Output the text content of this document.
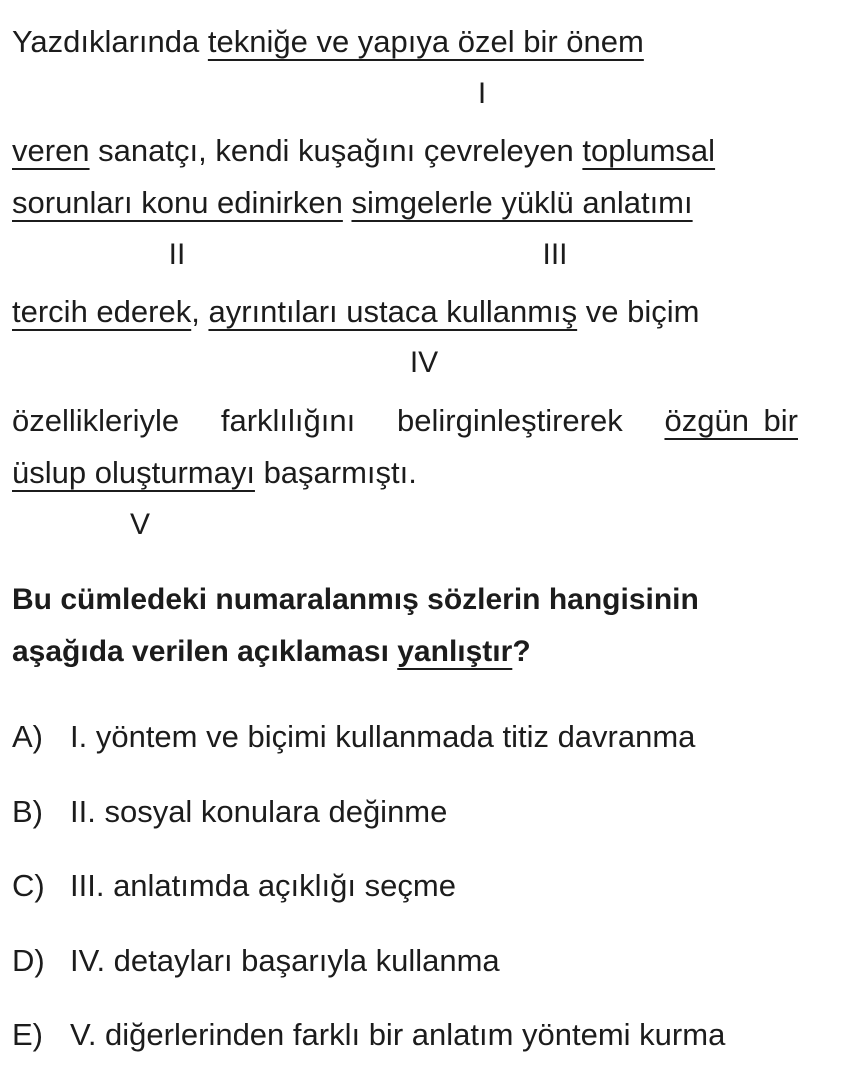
Yazdıklarında tekniğe ve yapıya özel bir önem
I
veren sanatçı, kendi kuşağını çevreleyen toplumsal
sorunları konu edinirken simgelerle yüklü anlatımı
II	III
tercih ederek, ayrıntıları ustaca kullanmış ve biçim
IV
özellikleriyle farklılığını belirginleştirerek özgün bir
üslup oluşturmayı başarmıştı.
V
Bu cümledeki numaralanmış sözlerin hangisinin
aşağıda verilen açıklaması yanlıştır?
A) I. yöntem ve biçimi kullanmada titiz davranma
B) II. sosyal konulara değinme
C) III. anlatımda açıklığı seçme
D) IV. detayları başarıyla kullanma
E) V. diğerlerinden farklı bir anlatım yöntemi kurma
